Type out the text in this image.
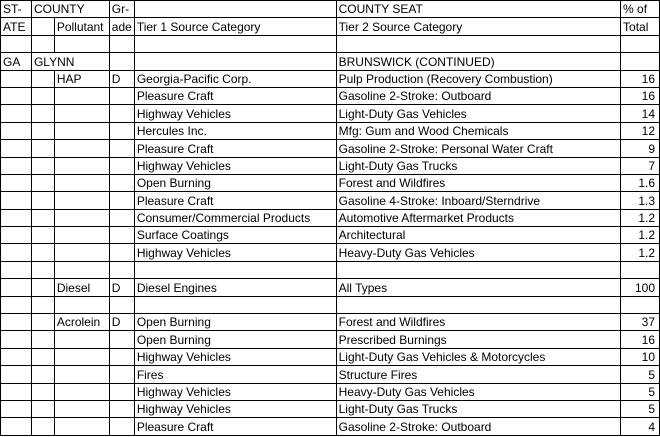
ST-	COUNTY		Gr-		COUNTY SEAT	% of
ATE		Pollutant	ade	Tier 1 Source Category	Tier 2 Source Category	Total

GA	GLYNN				BRUNSWICK (CONTINUED)	
		HAP	D	Georgia-Pacific Corp.	Pulp Production (Recovery Combustion)	16
				Pleasure Craft	Gasoline 2-Stroke: Outboard	16
				Highway Vehicles	Light-Duty Gas Vehicles	14
				Hercules Inc.	Mfg: Gum and Wood Chemicals	12
				Pleasure Craft	Gasoline 2-Stroke: Personal Water Craft	9
				Highway Vehicles	Light-Duty Gas Trucks	7
				Open Burning	Forest and Wildfires	1.6
				Pleasure Craft	Gasoline 4-Stroke: Inboard/Sterndrive	1.3
				Consumer/Commercial Products	Automotive Aftermarket Products	1.2
				Surface Coatings	Architectural	1.2
				Highway Vehicles	Heavy-Duty Gas Vehicles	1.2

		Diesel	D	Diesel Engines	All Types	100

		Acrolein	D	Open Burning	Forest and Wildfires	37
				Open Burning	Prescribed Burnings	16
				Highway Vehicles	Light-Duty Gas Vehicles & Motorcycles	10
				Fires	Structure Fires	5
				Highway Vehicles	Heavy-Duty Gas Vehicles	5
				Highway Vehicles	Light-Duty Gas Trucks	5
				Pleasure Craft	Gasoline 2-Stroke: Outboard	4
